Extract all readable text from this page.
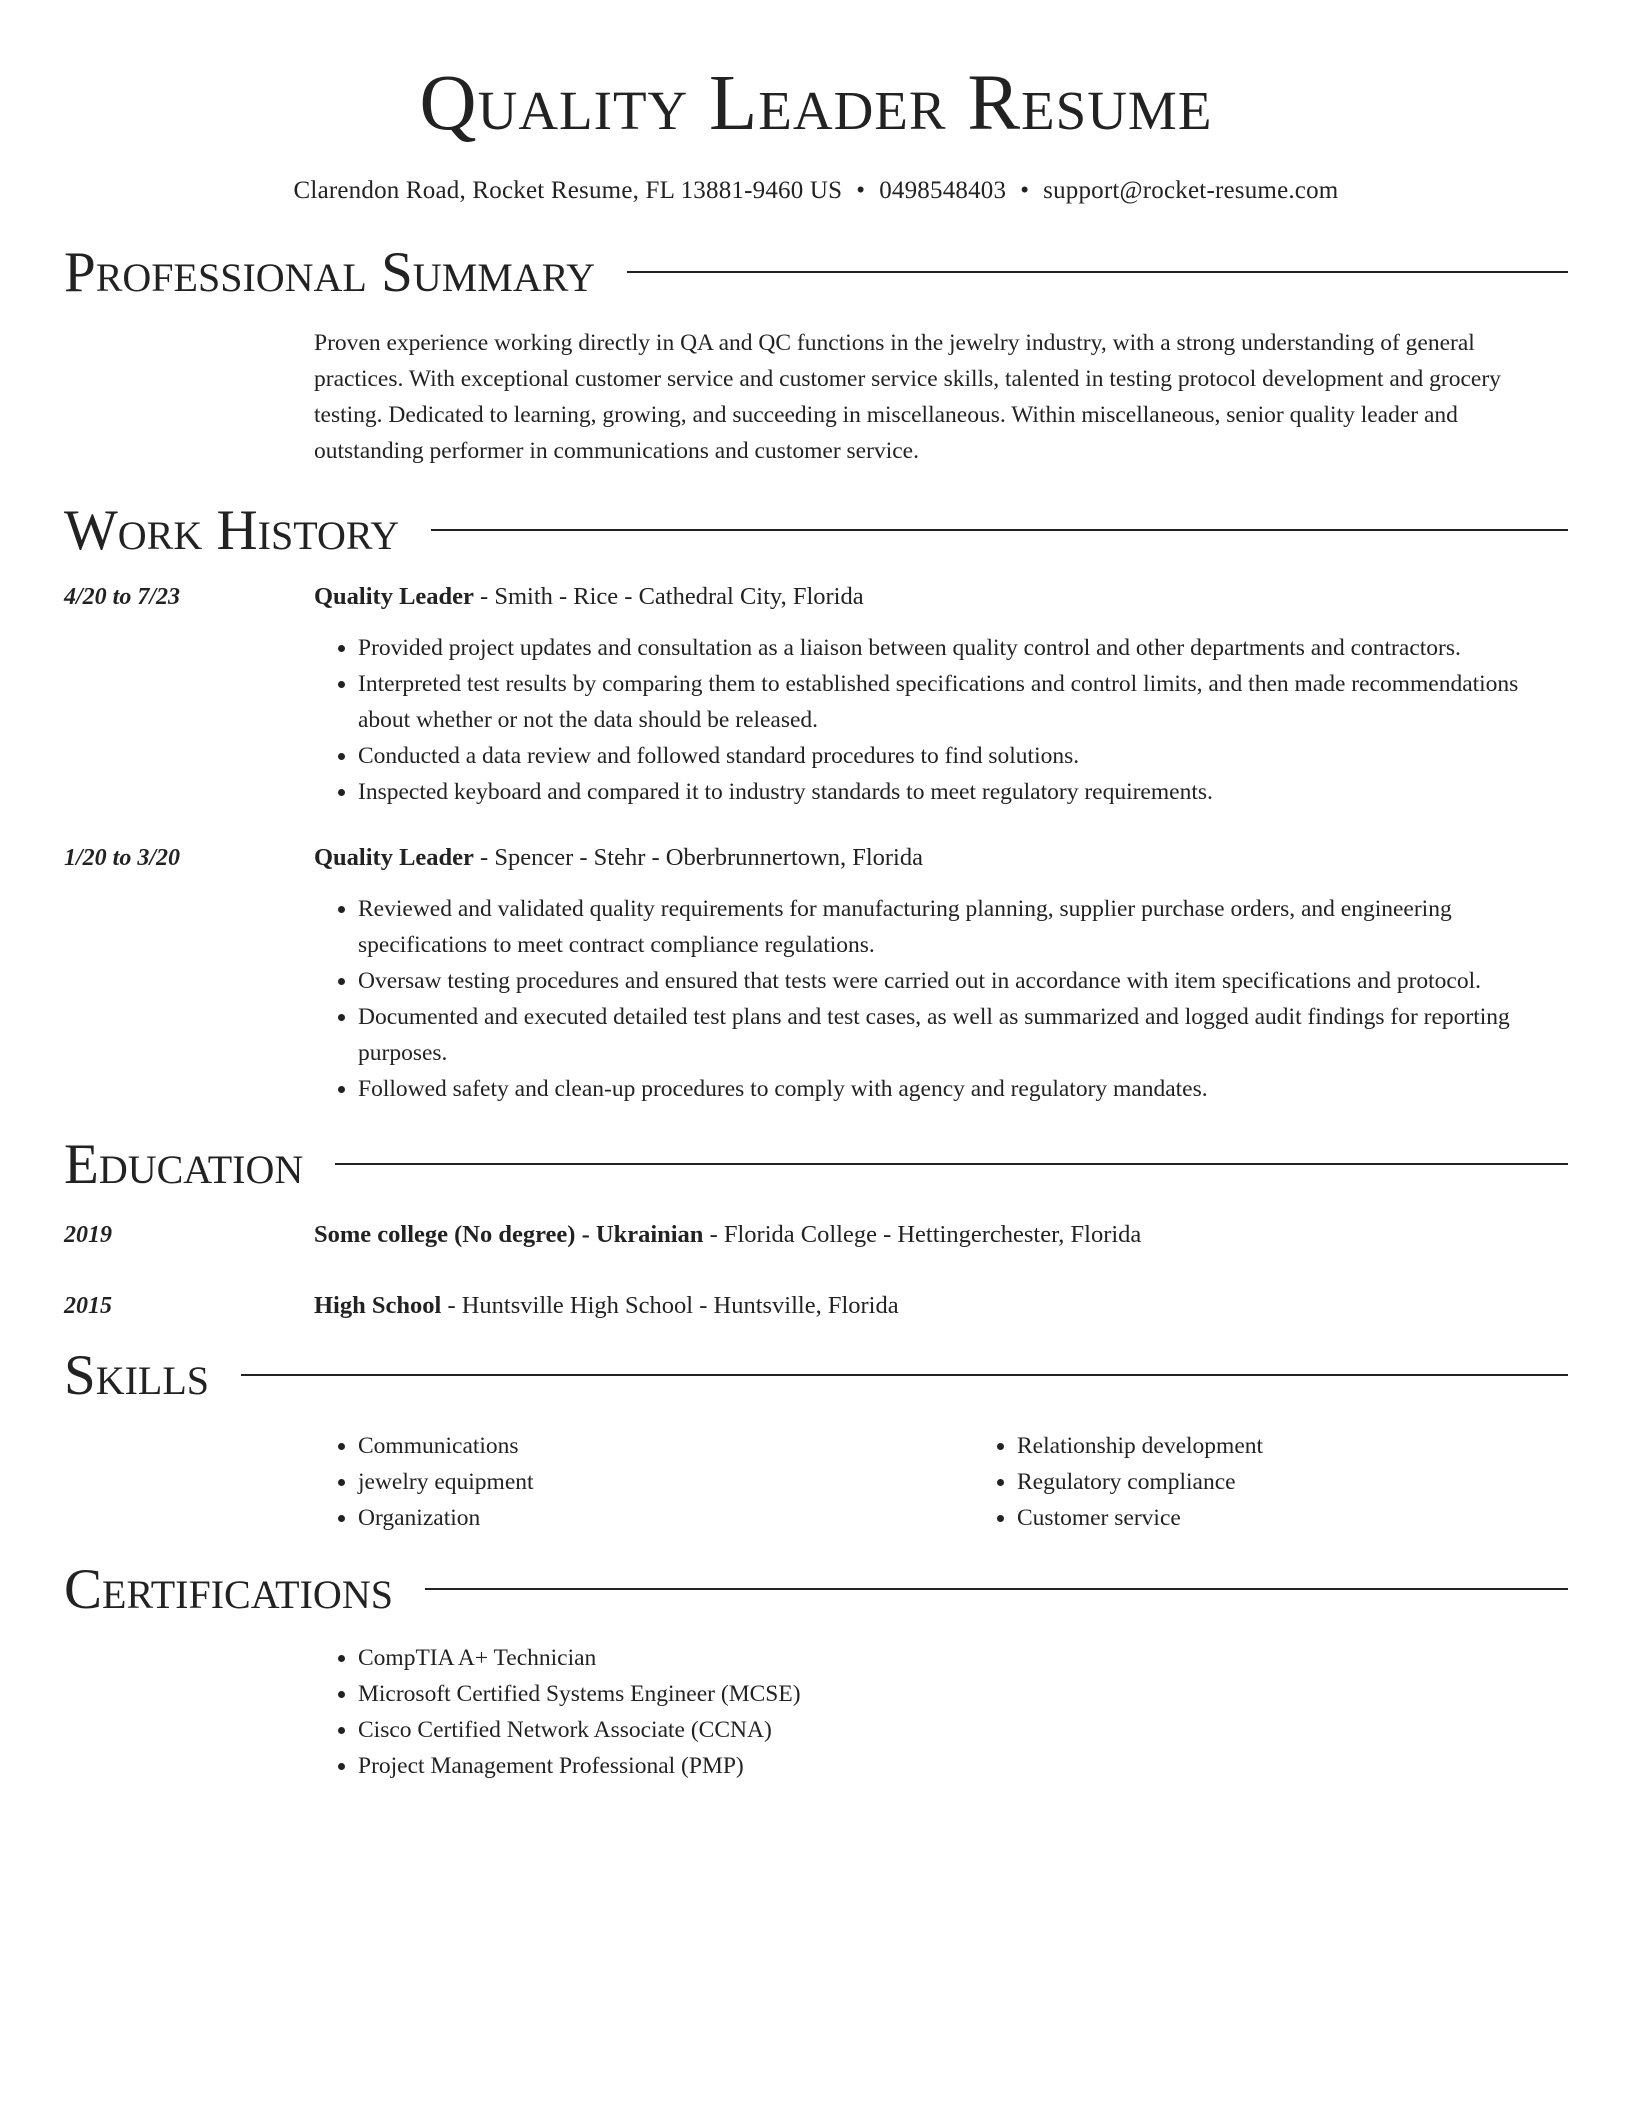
Quality Leader Resume
Clarendon Road, Rocket Resume, FL 13881-9460 US • 0498548403 • support@rocket-resume.com
Professional Summary

Proven experience working directly in QA and QC functions in the jewelry industry, with a strong understanding of general practices. With exceptional customer service and customer service skills, talented in testing protocol development and grocery testing. Dedicated to learning, growing, and succeeding in miscellaneous. Within miscellaneous, senior quality leader and outstanding performer in communications and customer service.

Work History
4/20 to 7/23	Quality Leader - Smith - Rice - Cathedral City, Florida
• Provided project updates and consultation as a liaison between quality control and other departments and contractors.
• Interpreted test results by comparing them to established specifications and control limits, and then made recommendations about whether or not the data should be released.
• Conducted a data review and followed standard procedures to find solutions.
• Inspected keyboard and compared it to industry standards to meet regulatory requirements.
1/20 to 3/20	Quality Leader - Spencer - Stehr - Oberbrunnertown, Florida
• Reviewed and validated quality requirements for manufacturing planning, supplier purchase orders, and engineering specifications to meet contract compliance regulations.
• Oversaw testing procedures and ensured that tests were carried out in accordance with item specifications and protocol.
• Documented and executed detailed test plans and test cases, as well as summarized and logged audit findings for reporting purposes.
• Followed safety and clean-up procedures to comply with agency and regulatory mandates.
Education
2019	Some college (No degree) - Ukrainian - Florida College - Hettingerchester, Florida
2015	High School - Huntsville High School - Huntsville, Florida
Skills
• Communications
• jewelry equipment
• Organization
• Relationship development
• Regulatory compliance
• Customer service
Certifications
• CompTIA A+ Technician
• Microsoft Certified Systems Engineer (MCSE)
• Cisco Certified Network Associate (CCNA)
• Project Management Professional (PMP)
